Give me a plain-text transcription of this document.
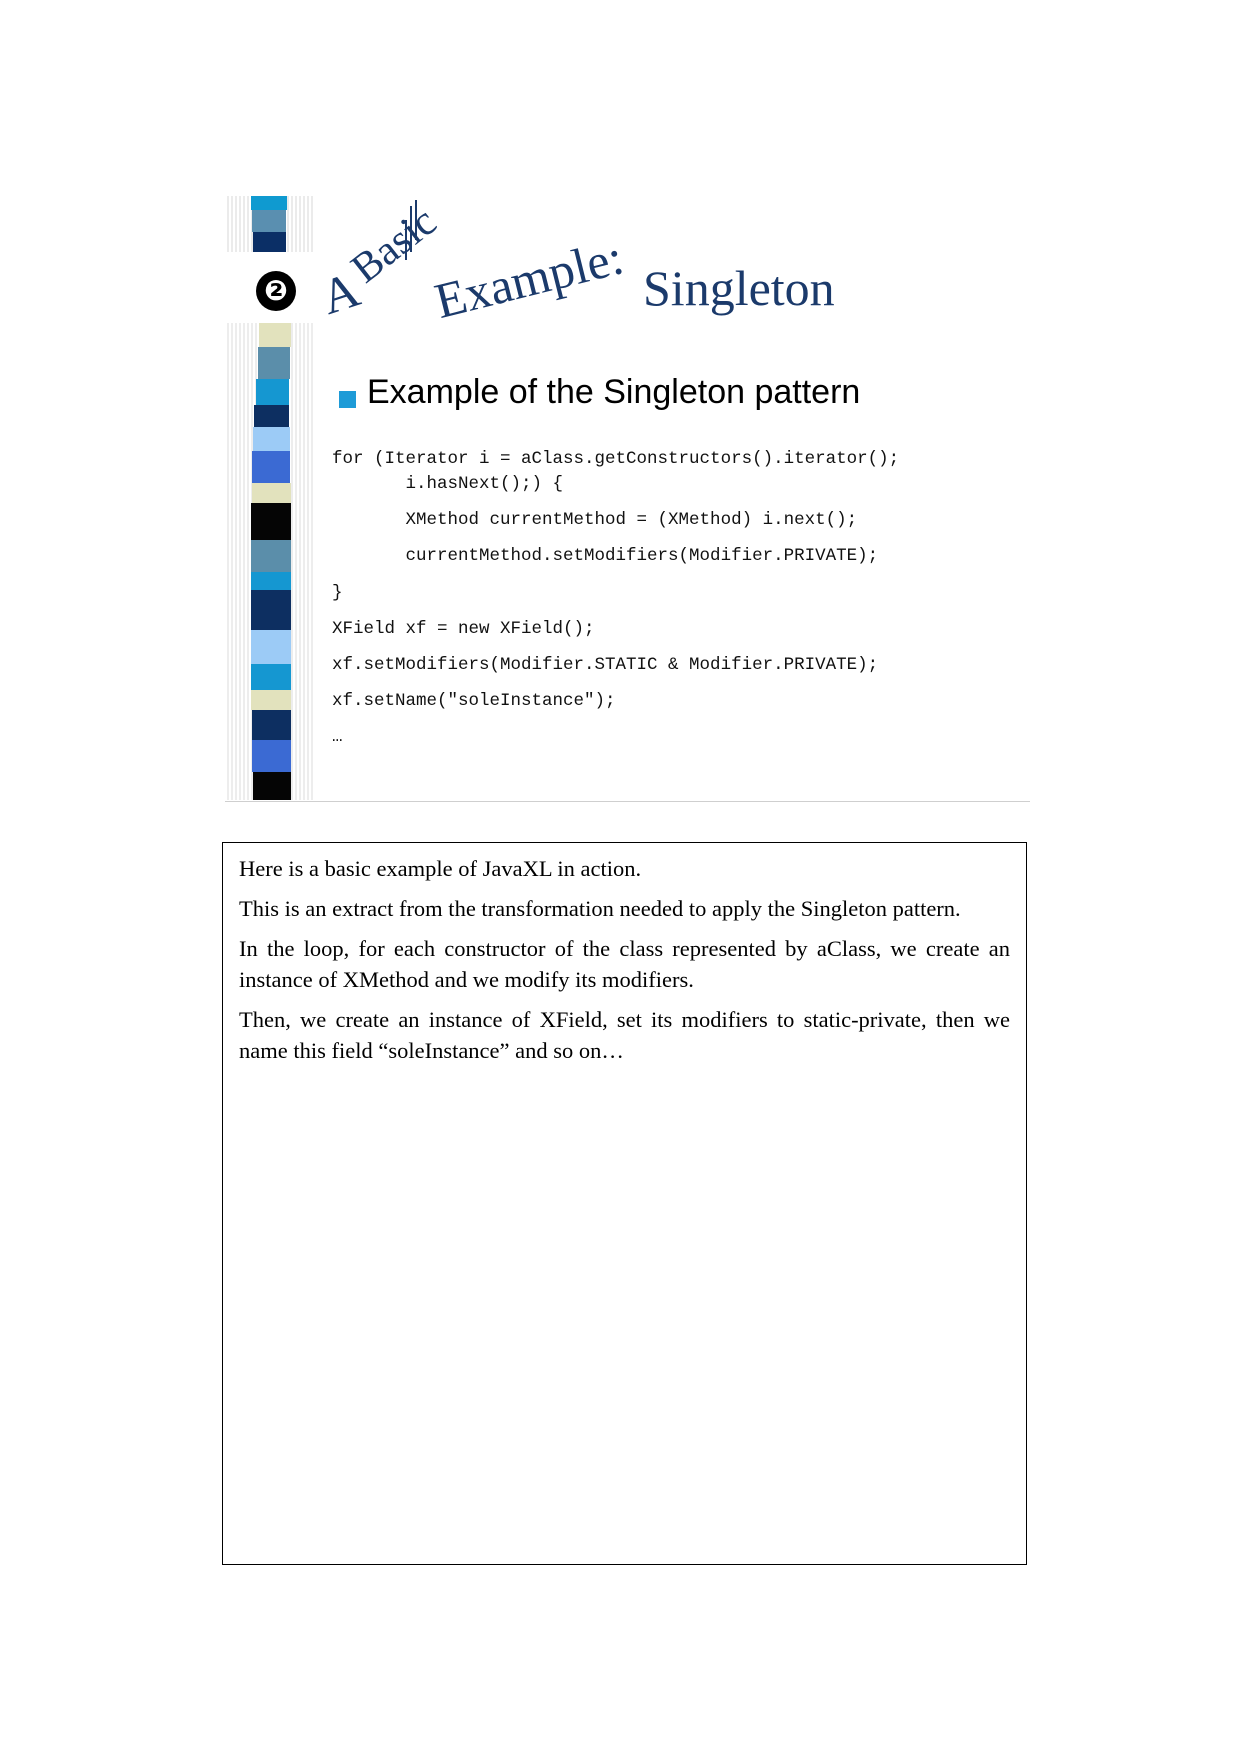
❷ A
Basic
Example: Singleton
Example of the Singleton pattern
for (Iterator i = aClass.getConstructors().iterator();
i.hasNext();) {
XMethod currentMethod = (XMethod) i.next();
currentMethod.setModifiers(Modifier.PRIVATE);
}
XField xf = new XField();
xf.setModifiers(Modifier.STATIC & Modifier.PRIVATE);
xf.setName("soleInstance");
…

Here is a basic example of JavaXL in action.

This is an extract from the transformation needed to apply the Singleton pattern.

In the loop, for each constructor of the class represented by aClass, we create an instance of XMethod and we modify its modifiers.

Then, we create an instance of XField, set its modifiers to static-private, then we name this field “soleInstance” and so on…
